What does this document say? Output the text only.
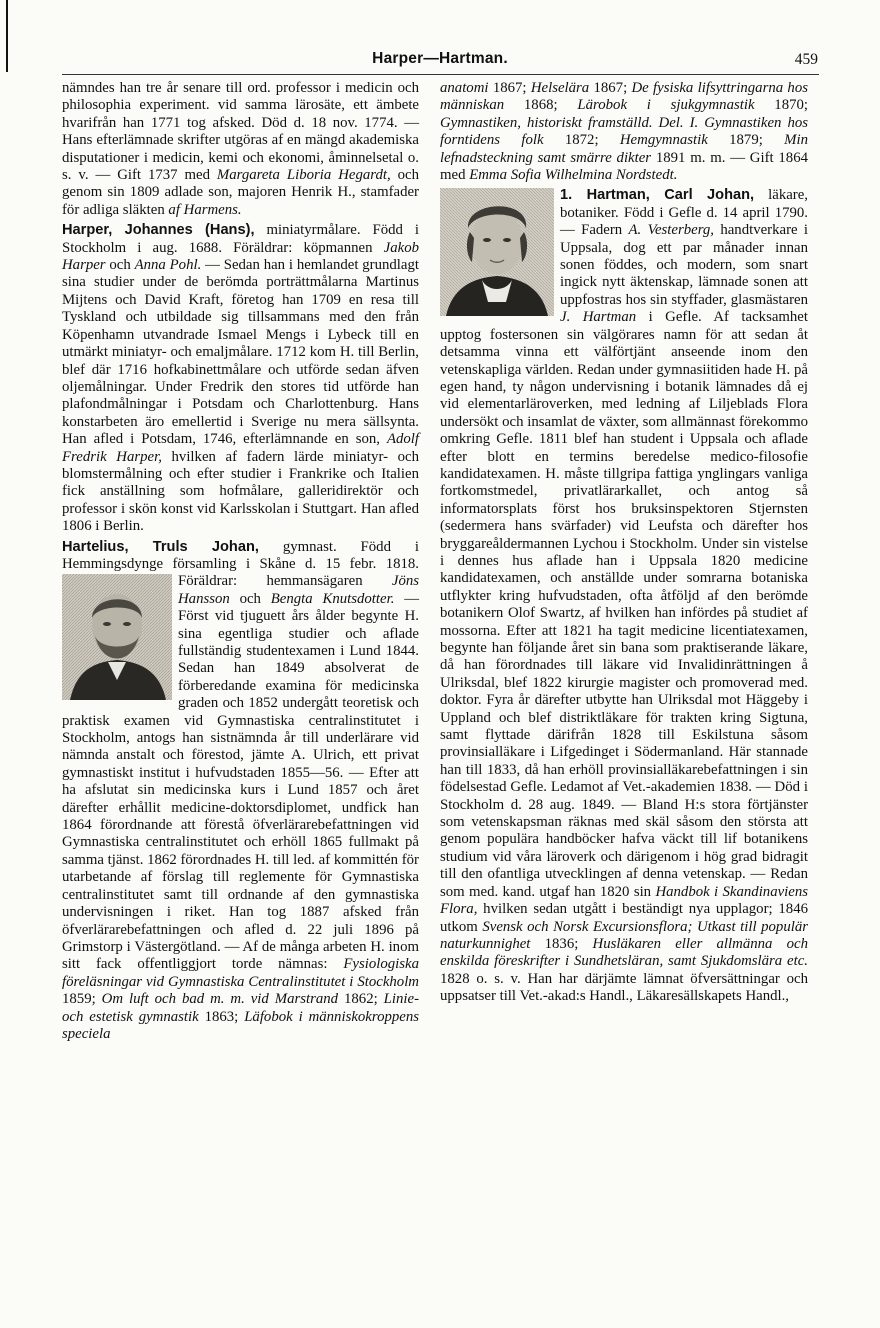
Harper—Hartman.	459

nämndes han tre år senare till ord. professor i medicin och philosophia experiment. vid samma lärosäte, ett ämbete hvarifrån han 1771 tog afsked. Död d. 18 nov. 1774. — Hans efterlämnade skrifter utgöras af en mängd akademiska disputationer i medicin, kemi och ekonomi, åminnelsetal o. s. v. — Gift 1737 med Margareta Liboria Hegardt, och genom sin 1809 adlade son, majoren Henrik H., stamfader för adliga släkten af Harmens.

Harper, Johannes (Hans), miniatyrmålare. Född i Stockholm i aug. 1688. Föräldrar: köpmannen Jakob Harper och Anna Pohl. — Sedan han i hemlandet grundlagt sina studier under de berömda porträttmålarna Martinus Mijtens och David Kraft, företog han 1709 en resa till Tyskland och utbildade sig tillsammans med den från Köpenhamn utvandrade Ismael Mengs i Lybeck till en utmärkt miniatyr- och emaljmålare. 1712 kom H. till Berlin, blef där 1716 hofkabinettmålare och utförde sedan äfven oljemålningar. Under Fredrik den stores tid utförde han plafondmålningar i Potsdam och Charlottenburg. Hans konstarbeten äro emellertid i Sverige nu mera sällsynta. Han afled i Potsdam, 1746, efterlämnande en son, Adolf Fredrik Harper, hvilken af fadern lärde miniatyr- och blomstermålning och efter studier i Frankrike och Italien fick anställning som hofmålare, galleridirektör och professor i skön konst vid Karlsskolan i Stuttgart. Han afled 1806 i Berlin.

Hartelius, Truls Johan, gymnast. Född i Hemmingsdynge församling i Skåne d. 15 febr. 1818. Föräldrar: hemmansägaren
Jöns Hansson och Bengta Knutsdotter. — Först vid tjuguett års ålder begynte H. sina egentliga studier och aflade fullständig studentexamen i Lund 1844. Sedan han 1849 absolverat de förberedande examina för medicinska graden och 1852 undergått teoretisk och praktisk examen vid Gymnastiska centralinstitutet i Stockholm, antogs han sistnämnda år till underlärare vid nämnda anstalt och förestod, jämte A. Ulrich, ett privat gymnastiskt institut i hufvudstaden 1855—56. — Efter att ha afslutat sin medicinska kurs i Lund 1857 och året därefter erhållit medicine-doktorsdiplomet, undfick han 1864 förordnande att förestå öfverlärarebefattningen vid Gymnastiska centralinstitutet och erhöll 1865 fullmakt på samma tjänst. 1862 förordnades H. till led. af kommittén för utarbetande af förslag till reglemente för Gymnastiska centralinstitutet samt till ordnande af den gymnastiska undervisningen i riket. Han tog 1887 afsked från öfverlärarebefattningen och afled d. 22 juli 1896 på Grimstorp i Västergötland. — Af de många arbeten H. inom sitt fack offentliggjort torde nämnas: Fysiologiska föreläsningar vid Gymnastiska Centralinstitutet i Stockholm 1859; Om luft och bad m. m. vid Marstrand 1862; Linie- och estetisk gymnastik 1863; Läfobok i människokroppens speciela

anatomi 1867; Helselära 1867; De fysiska lifsyttringarna hos människan 1868; Lärobok i sjukgymnastik 1870; Gymnastiken, historiskt framställd. Del. I. Gymnastiken hos forntidens folk 1872; Hemgymnastik 1879; Min lefnadsteckning samt smärre dikter 1891 m. m. — Gift 1864 med Emma Sofia Wilhelmina Nordstedt.

1. Hartman, Carl Johan,
läkare, botaniker. Född i Gefle d. 14 april 1790. — Fadern A. Vesterberg, handtverkare i Uppsala, dog ett par månader innan sonen föddes, och modern, som snart ingick nytt äktenskap, lämnade sonen att uppfostras hos sin styffader, glasmästaren J. Hartman i Gefle. Af tacksamhet upptog fostersonen sin välgörares namn för att sedan åt detsamma vinna ett välförtjänt anseende inom den vetenskapliga världen. Redan under gymnasiitiden hade H. på egen hand, ty någon undervisning i botanik lämnades då ej vid elementarläroverken, med ledning af Liljeblads Flora undersökt och insamlat de växter, som allmännast förekommo omkring Gefle. 1811 blef han student i Uppsala och aflade efter blott en termins beredelse medico-filosofie kandidatexamen. H. måste tillgripa fattiga ynglingars vanliga fortkomstmedel, privatlärarkallet, och antog så informatorsplats först hos bruksinspektoren Stjernsten (sedermera hans svärfader) vid Leufsta och därefter hos bryggareåldermannen Lychou i Stockholm. Under sin vistelse i dennes hus aflade han i Uppsala 1820 medicine kandidatexamen, och anställde under somrarna botaniska utflykter kring hufvudstaden, ofta åtföljd af den berömde botanikern Olof Swartz, af hvilken han infördes på studiet af mossorna. Efter att 1821 ha tagit medicine licentiatexamen, begynte han följande året sin bana som praktiserande läkare, då han förordnades till läkare vid Invalidinrättningen å Ulriksdal, blef 1822 kirurgie magister och promoverad med. doktor. Fyra år därefter utbytte han Ulriksdal mot Häggeby i Uppland och blef distriktläkare för trakten kring Sigtuna, samt flyttade därifrån 1828 till Eskilstuna såsom provinsialläkare i Lifgedinget i Södermanland. Här stannade han till 1833, då han erhöll provinsialläkarebefattningen i sin födelsestad Gefle. Ledamot af Vet.-akademien 1838. — Död i Stockholm d. 28 aug. 1849. — Bland H:s stora förtjänster som vetenskapsman räknas med skäl såsom den största att genom populära handböcker hafva väckt till lif botanikens studium vid våra läroverk och därigenom i hög grad bidragit till den ofantliga utvecklingen af denna vetenskap. — Redan som med. kand. utgaf han 1820 sin Handbok i Skandinaviens Flora, hvilken sedan utgått i beständigt nya upplagor; 1846 utkom Svensk och Norsk Excursionsflora; Utkast till populär naturkunnighet 1836; Husläkaren eller allmänna och enskilda föreskrifter i Sundhetsläran, samt Sjukdomslära etc. 1828 o. s. v. Han har därjämte lämnat öfversättningar och uppsatser till Vet.-akad:s Handl., Läkaresällskapets Handl.,
